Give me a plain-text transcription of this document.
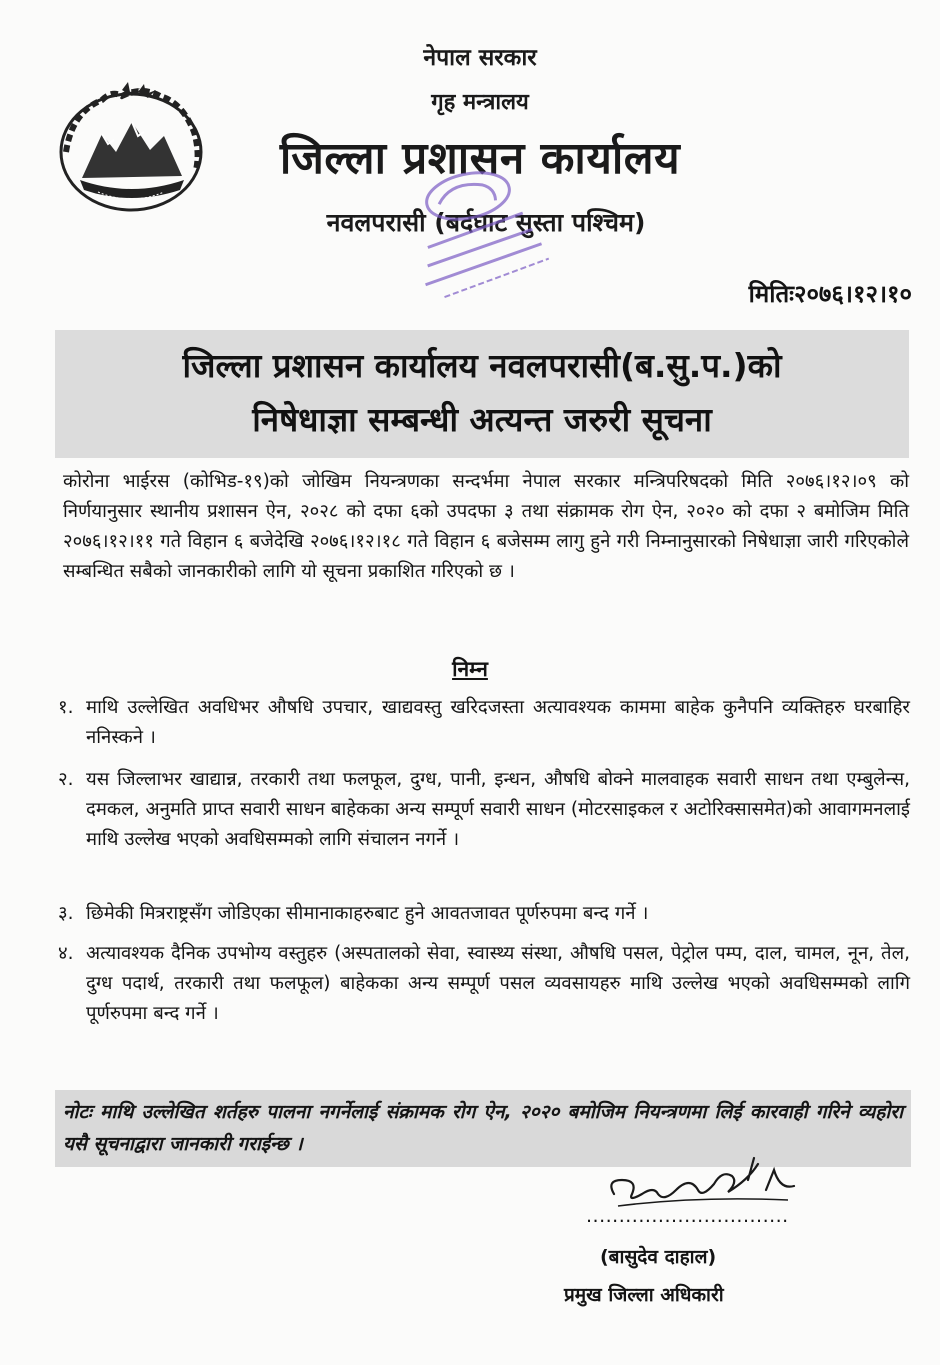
नेपाल सरकार
गृह मन्त्रालय
जिल्ला प्रशासन कार्यालय
नवलपरासी (बर्दघाट सुस्ता पश्चिम)
मितिः२०७६।१२।१०
जिल्ला प्रशासन कार्यालय नवलपरासी(ब.सु.प.)को
निषेधाज्ञा सम्बन्धी अत्यन्त जरुरी सूचना
कोरोना भाईरस (कोभिड-१९)को जोखिम नियन्त्रणका सन्दर्भमा नेपाल सरकार मन्त्रिपरिषदको मिति २०७६।१२।०९ को निर्णयानुसार स्थानीय प्रशासन ऐन, २०२८ को दफा ६को उपदफा ३ तथा संक्रामक रोग ऐन, २०२० को दफा २ बमोजिम मिति २०७६।१२।११ गते विहान ६ बजेदेखि २०७६।१२।१८ गते विहान ६ बजेसम्म लागु हुने गरी निम्नानुसारको निषेधाज्ञा जारी गरिएकोले सम्बन्धित सबैको जानकारीको लागि यो सूचना प्रकाशित गरिएको छ ।
निम्न
१. माथि उल्लेखित अवधिभर औषधि उपचार, खाद्यवस्तु खरिदजस्ता अत्यावश्यक काममा बाहेक कुनैपनि व्यक्तिहरु घरबाहिर ननिस्कने ।
२. यस जिल्लाभर खाद्यान्न, तरकारी तथा फलफूल, दुग्ध, पानी, इन्धन, औषधि बोक्ने मालवाहक सवारी साधन तथा एम्बुलेन्स, दमकल, अनुमति प्राप्त सवारी साधन बाहेकका अन्य सम्पूर्ण सवारी साधन (मोटरसाइकल र अटोरिक्सासमेत)को आवागमनलाई माथि उल्लेख भएको अवधिसम्मको लागि संचालन नगर्ने ।
३. छिमेकी मित्रराष्ट्रसँग जोडिएका सीमानाकाहरुबाट हुने आवतजावत पूर्णरुपमा बन्द गर्ने ।
४. अत्यावश्यक दैनिक उपभोग्य वस्तुहरु (अस्पतालको सेवा, स्वास्थ्य संस्था, औषधि पसल, पेट्रोल पम्प, दाल, चामल, नून, तेल, दुग्ध पदार्थ, तरकारी तथा फलफूल) बाहेकका अन्य सम्पूर्ण पसल व्यवसायहरु माथि उल्लेख भएको अवधिसम्मको लागि पूर्णरुपमा बन्द गर्ने ।
नोटः माथि उल्लेखित शर्तहरु पालना नगर्नेलाई संक्रामक रोग ऐन, २०२० बमोजिम नियन्त्रणमा लिई कारवाही गरिने व्यहोरा यसै सूचनाद्वारा जानकारी गराईन्छ ।
...............................
(बासुदेव दाहाल)
प्रमुख जिल्ला अधिकारी
